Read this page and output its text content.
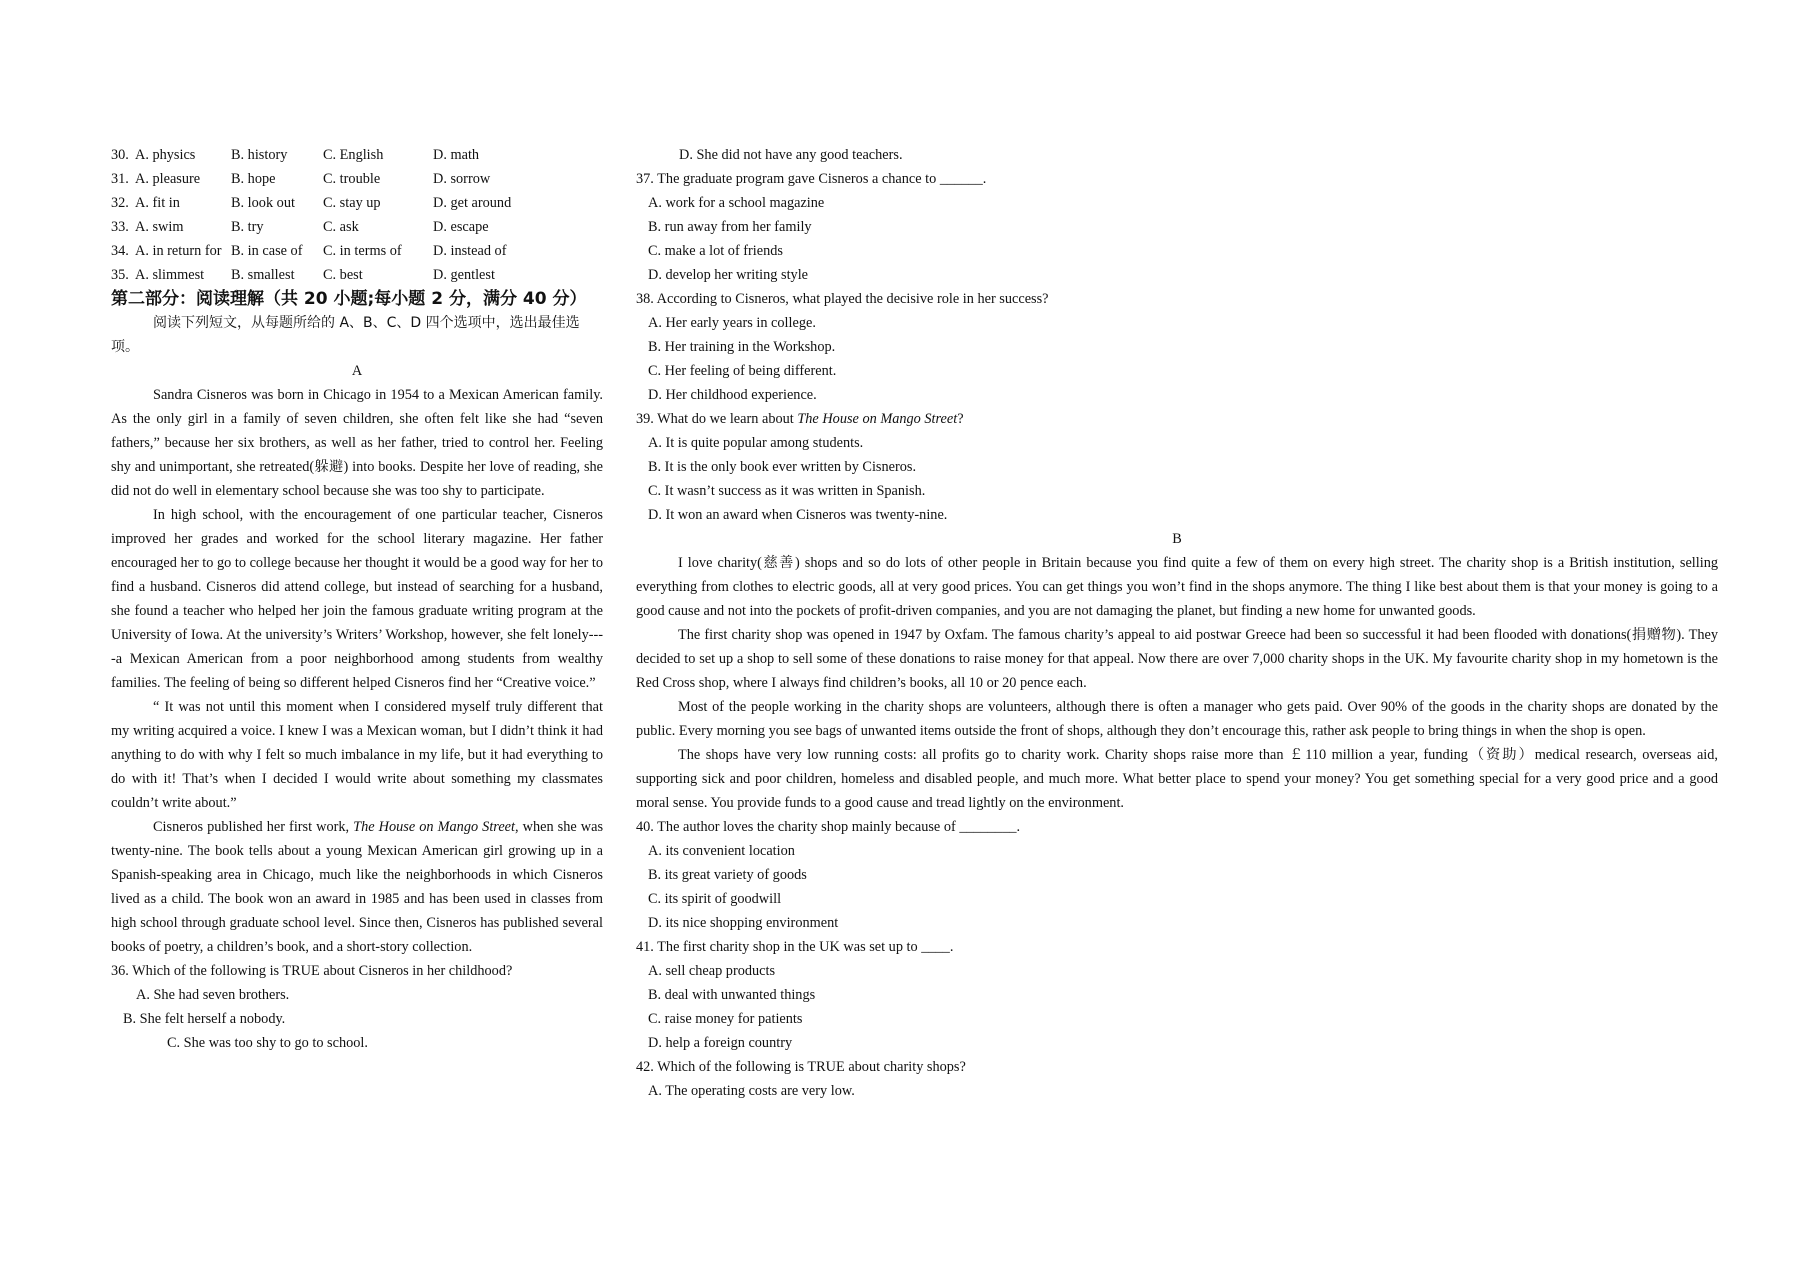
30. A. physics B. history C. English	D. math
31. A. pleasure B. hope	C. trouble	D. sorrow
32. A. fit in	B. look out C. stay up	D. get around
33. A. swim	B. try	C. ask	D. escape
34. A. in return for B. in case of C. in terms of D. instead of
35. A. slimmest B. smallest C. best	D. gentlest
第二部分：阅读理解（共 20 小题;每小题 2 分，满分 40 分）
阅读下列短文，从每题所给的 A、B、C、D 四个选项中，选出最佳选项。
A
Sandra Cisneros was born in Chicago in 1954 to a Mexican American family. As the only girl in a family of seven children, she often felt like she had “seven fathers,” because her six brothers, as well as her father, tried to control her. Feeling shy and unimportant, she retreated(躲避) into books. Despite her love of reading, she did not do well in elementary school because she was too shy to participate.
In high school, with the encouragement of one particular teacher, Cisneros improved her grades and worked for the school literary magazine. Her father encouraged her to go to college because her thought it would be a good way for her to find a husband. Cisneros did attend college, but instead of searching for a husband, she found a teacher who helped her join the famous graduate writing program at the University of Iowa. At the university’s Writers’ Workshop, however, she felt lonely----a Mexican American from a poor neighborhood among students from wealthy families. The feeling of being so different helped Cisneros find her “Creative voice.”
“ It was not until this moment when I considered myself truly different that my writing acquired a voice. I knew I was a Mexican woman, but I didn’t think it had anything to do with why I felt so much imbalance in my life, but it had everything to do with it! That’s when I decided I would write about something my classmates couldn’t write about.”
Cisneros published her first work, The House on Mango Street, when she was twenty-nine. The book tells about a young Mexican American girl growing up in a Spanish-speaking area in Chicago, much like the neighborhoods in which Cisneros lived as a child. The book won an award in 1985 and has been used in classes from high school through graduate school level. Since then, Cisneros has published several books of poetry, a children’s book, and a short-story collection.
36. Which of the following is TRUE about Cisneros in her childhood?
A. She had seven brothers.
B. She felt herself a nobody.
C. She was too shy to go to school.
D. She did not have any good teachers.
37. The graduate program gave Cisneros a chance to ______.
A. work for a school magazine
B. run away from her family
C. make a lot of friends
D. develop her writing style
38. According to Cisneros, what played the decisive role in her success?
A. Her early years in college.
B. Her training in the Workshop.
C. Her feeling of being different.
D. Her childhood experience.
39. What do we learn about The House on Mango Street?
A. It is quite popular among students.
B. It is the only book ever written by Cisneros.
C. It wasn’t success as it was written in Spanish.
D. It won an award when Cisneros was twenty-nine.
B
I love charity(慈善) shops and so do lots of other people in Britain because you find quite a few of them on every high street. The charity shop is a British institution, selling everything from clothes to electric goods, all at very good prices. You can get things you won’t find in the shops anymore. The thing I like best about them is that your money is going to a good cause and not into the pockets of profit-driven companies, and you are not damaging the planet, but finding a new home for unwanted goods.
The first charity shop was opened in 1947 by Oxfam. The famous charity’s appeal to aid postwar Greece had been so successful it had been flooded with donations(捐赠物). They decided to set up a shop to sell some of these donations to raise money for that appeal. Now there are over 7,000 charity shops in the UK. My favourite charity shop in my hometown is the Red Cross shop, where I always find children’s books, all 10 or 20 pence each.
Most of the people working in the charity shops are volunteers, although there is often a manager who gets paid. Over 90% of the goods in the charity shops are donated by the public. Every morning you see bags of unwanted items outside the front of shops, although they don’t encourage this, rather ask people to bring things in when the shop is open.
The shops have very low running costs: all profits go to charity work. Charity shops raise more than ￡110 million a year, funding（资助）medical research, overseas aid, supporting sick and poor children, homeless and disabled people, and much more. What better place to spend your money? You get something special for a very good price and a good moral sense. You provide funds to a good cause and tread lightly on the environment.
40. The author loves the charity shop mainly because of ________.
A. its convenient location
B. its great variety of goods
C. its spirit of goodwill
D. its nice shopping environment
41. The first charity shop in the UK was set up to ____.
A. sell cheap products
B. deal with unwanted things
C. raise money for patients
D. help a foreign country
42. Which of the following is TRUE about charity shops?
A. The operating costs are very low.
